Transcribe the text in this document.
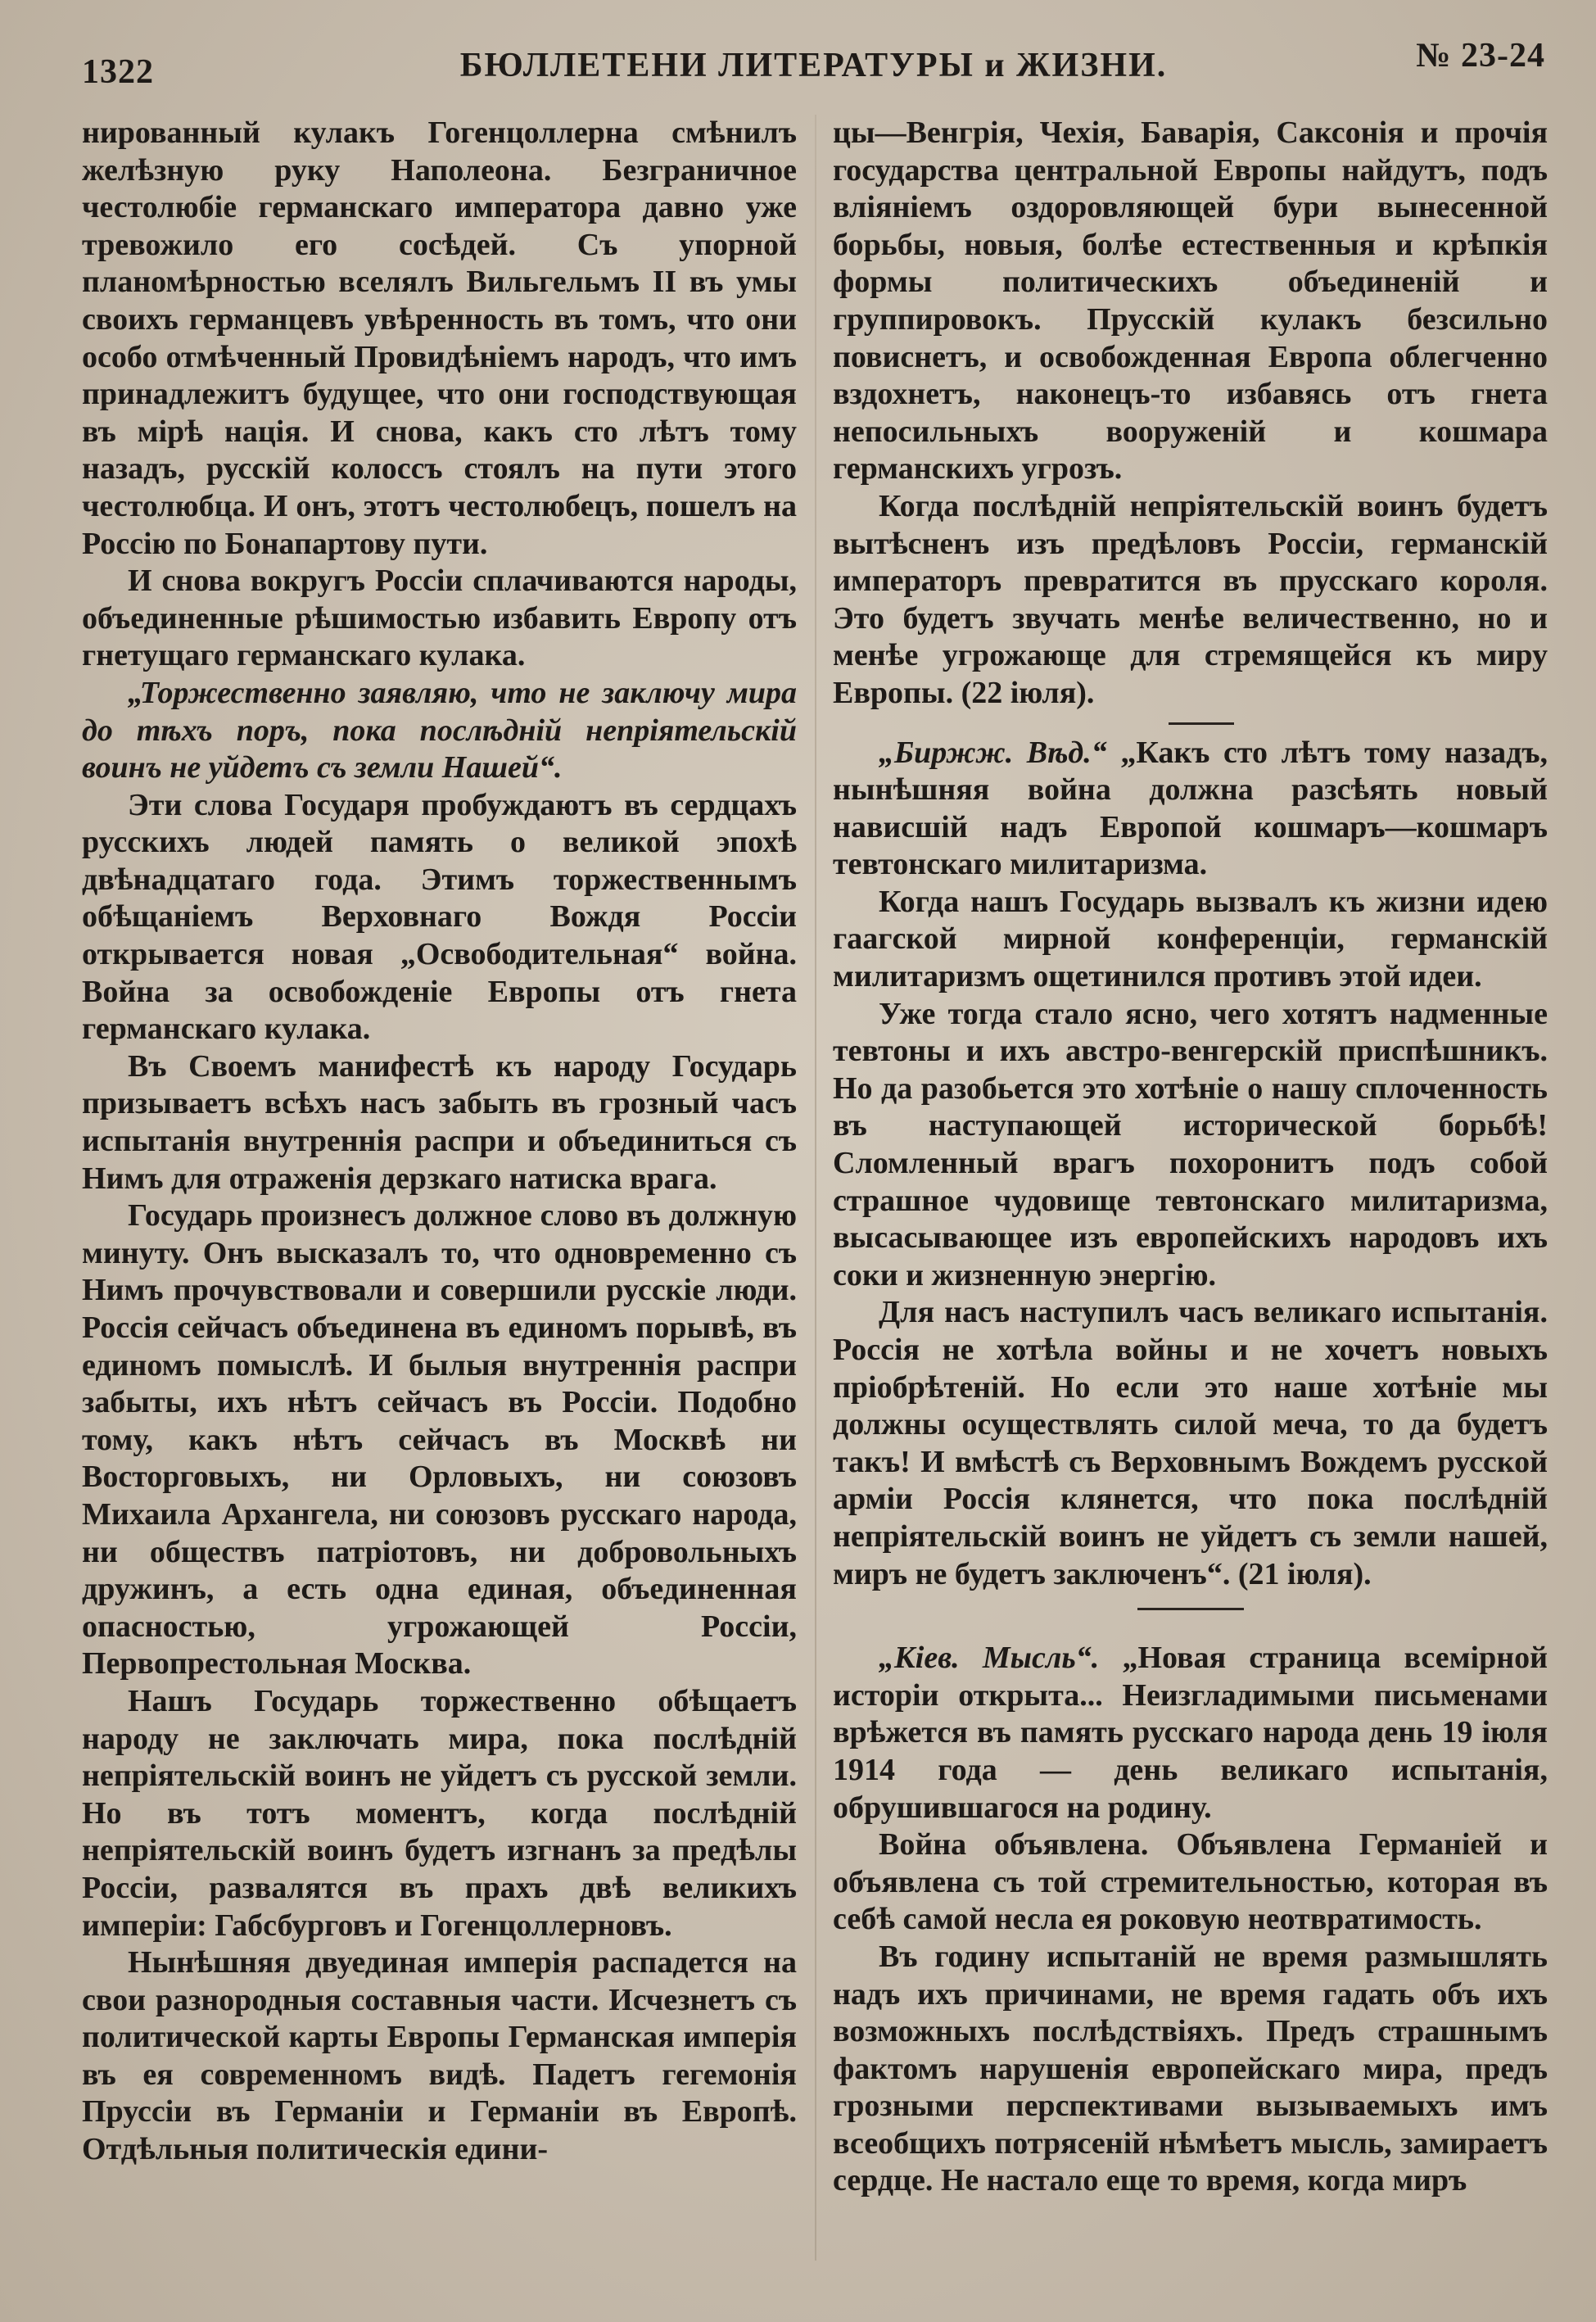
1322	БЮЛЛЕТЕНИ ЛИТЕРАТУРЫ и ЖИЗНИ.	№ 23-24

нированный кулакъ Гогенцоллерна смѣнилъ желѣзную руку Наполеона. Безграничное честолюбіе германскаго императора давно уже тревожило его сосѣдей. Съ упорной планомѣрностью вселялъ Вильгельмъ II въ умы своихъ германцевъ увѣренность въ томъ, что они особо отмѣченный Провидѣніемъ народъ, что имъ принадлежитъ будущее, что они господствующая въ мірѣ нація. И снова, какъ сто лѣтъ тому назадъ, русскій колоссъ стоялъ на пути этого честолюбца. И онъ, этотъ честолюбецъ, пошелъ на Россію по Бонапартову пути.

И снова вокругъ Россіи сплачиваются народы, объединенные рѣшимостью избавить Европу отъ гнетущаго германскаго кулака.

„Торжественно заявляю, что не заключу мира до тѣхъ поръ, пока послѣдній непріятельскій воинъ не уйдетъ съ земли Нашей“.

Эти слова Государя пробуждаютъ въ сердцахъ русскихъ людей память о великой эпохѣ двѣнадцатаго года. Этимъ торжественнымъ обѣщаніемъ Верховнаго Вождя Россіи открывается новая „Освободительная“ война. Война за освобожденіе Европы отъ гнета германскаго кулака.

Въ Своемъ манифестѣ къ народу Государь призываетъ всѣхъ насъ забыть въ грозный часъ испытанія внутреннія распри и объединиться съ Нимъ для отраженія дерзкаго натиска врага.

Государь произнесъ должное слово въ должную минуту. Онъ высказалъ то, что одновременно съ Нимъ прочувствовали и совершили русскіе люди. Россія сейчасъ объединена въ единомъ порывѣ, въ единомъ помыслѣ. И былыя внутреннія распри забыты, ихъ нѣтъ сейчасъ въ Россіи. Подобно тому, какъ нѣтъ сейчасъ въ Москвѣ ни Восторговыхъ, ни Орловыхъ, ни союзовъ Михаила Архангела, ни союзовъ русскаго народа, ни обществъ патріотовъ, ни добровольныхъ дружинъ, а есть одна единая, объединенная опасностью, угрожающей Россіи, Первопрестольная Москва.

Нашъ Государь торжественно обѣщаетъ народу не заключать мира, пока послѣдній непріятельскій воинъ не уйдетъ съ русской земли. Но въ тотъ моментъ, когда послѣдній непріятельскій воинъ будетъ изгнанъ за предѣлы Россіи, развалятся въ прахъ двѣ великихъ имперіи: Габсбурговъ и Гогенцоллерновъ.

Нынѣшняя двуединая имперія распадется на свои разнородныя составныя части. Исчезнетъ съ политической карты Европы Германская имперія въ ея современномъ видѣ. Падетъ гегемонія Пруссіи въ Германіи и Германіи въ Европѣ. Отдѣльныя политическія едини-

цы—Венгрія, Чехія, Баварія, Саксонія и прочія государства центральной Европы найдутъ, подъ вліяніемъ оздоровляющей бури вынесенной борьбы, новыя, болѣе естественныя и крѣпкія формы политическихъ объединеній и группировокъ. Прусскій кулакъ безсильно повиснетъ, и освобожденная Европа облегченно вздохнетъ, наконецъ-то избавясь отъ гнета непосильныхъ вооруженій и кошмара германскихъ угрозъ.

Когда послѣдній непріятельскій воинъ будетъ вытѣсненъ изъ предѣловъ Россіи, германскій императоръ превратится въ прусскаго короля. Это будетъ звучать менѣе величественно, но и менѣе угрожающе для стремящейся къ миру Европы. (22 іюля).

„Биржж. Вѣд.“ „Какъ сто лѣтъ тому назадъ, нынѣшняя война должна разсѣять новый нависшій надъ Европой кошмаръ—кошмаръ тевтонскаго милитаризма.

Когда нашъ Государь вызвалъ къ жизни идею гаагской мирной конференціи, германскій милитаризмъ ощетинился противъ этой идеи.

Уже тогда стало ясно, чего хотятъ надменные тевтоны и ихъ австро-венгерскій приспѣшникъ. Но да разобьется это хотѣніе о нашу сплоченность въ наступающей исторической борьбѣ! Сломленный врагъ похоронитъ подъ собой страшное чудовище тевтонскаго милитаризма, высасывающее изъ европейскихъ народовъ ихъ соки и жизненную энергію.

Для насъ наступилъ часъ великаго испытанія. Россія не хотѣла войны и не хочетъ новыхъ пріобрѣтеній. Но если это наше хотѣніе мы должны осуществлять силой меча, то да будетъ такъ! И вмѣстѣ съ Верховнымъ Вождемъ русской арміи Россія клянется, что пока послѣдній непріятельскій воинъ не уйдетъ съ земли нашей, миръ не будетъ заключенъ“. (21 іюля).

„Кіев. Мысль“. „Новая страница всемірной исторіи открыта... Неизгладимыми письменами врѣжется въ память русскаго народа день 19 іюля 1914 года — день великаго испытанія, обрушившагося на родину.

Война объявлена. Объявлена Германіей и объявлена съ той стремительностью, которая въ себѣ самой несла ея роковую неотвратимость.

Въ годину испытаній не время размышлять надъ ихъ причинами, не время гадать объ ихъ возможныхъ послѣдствіяхъ. Предъ страшнымъ фактомъ нарушенія европейскаго мира, предъ грозными перспективами вызываемыхъ имъ всеобщихъ потрясеній нѣмѣетъ мысль, замираетъ сердце. Не настало еще то время, когда миръ
